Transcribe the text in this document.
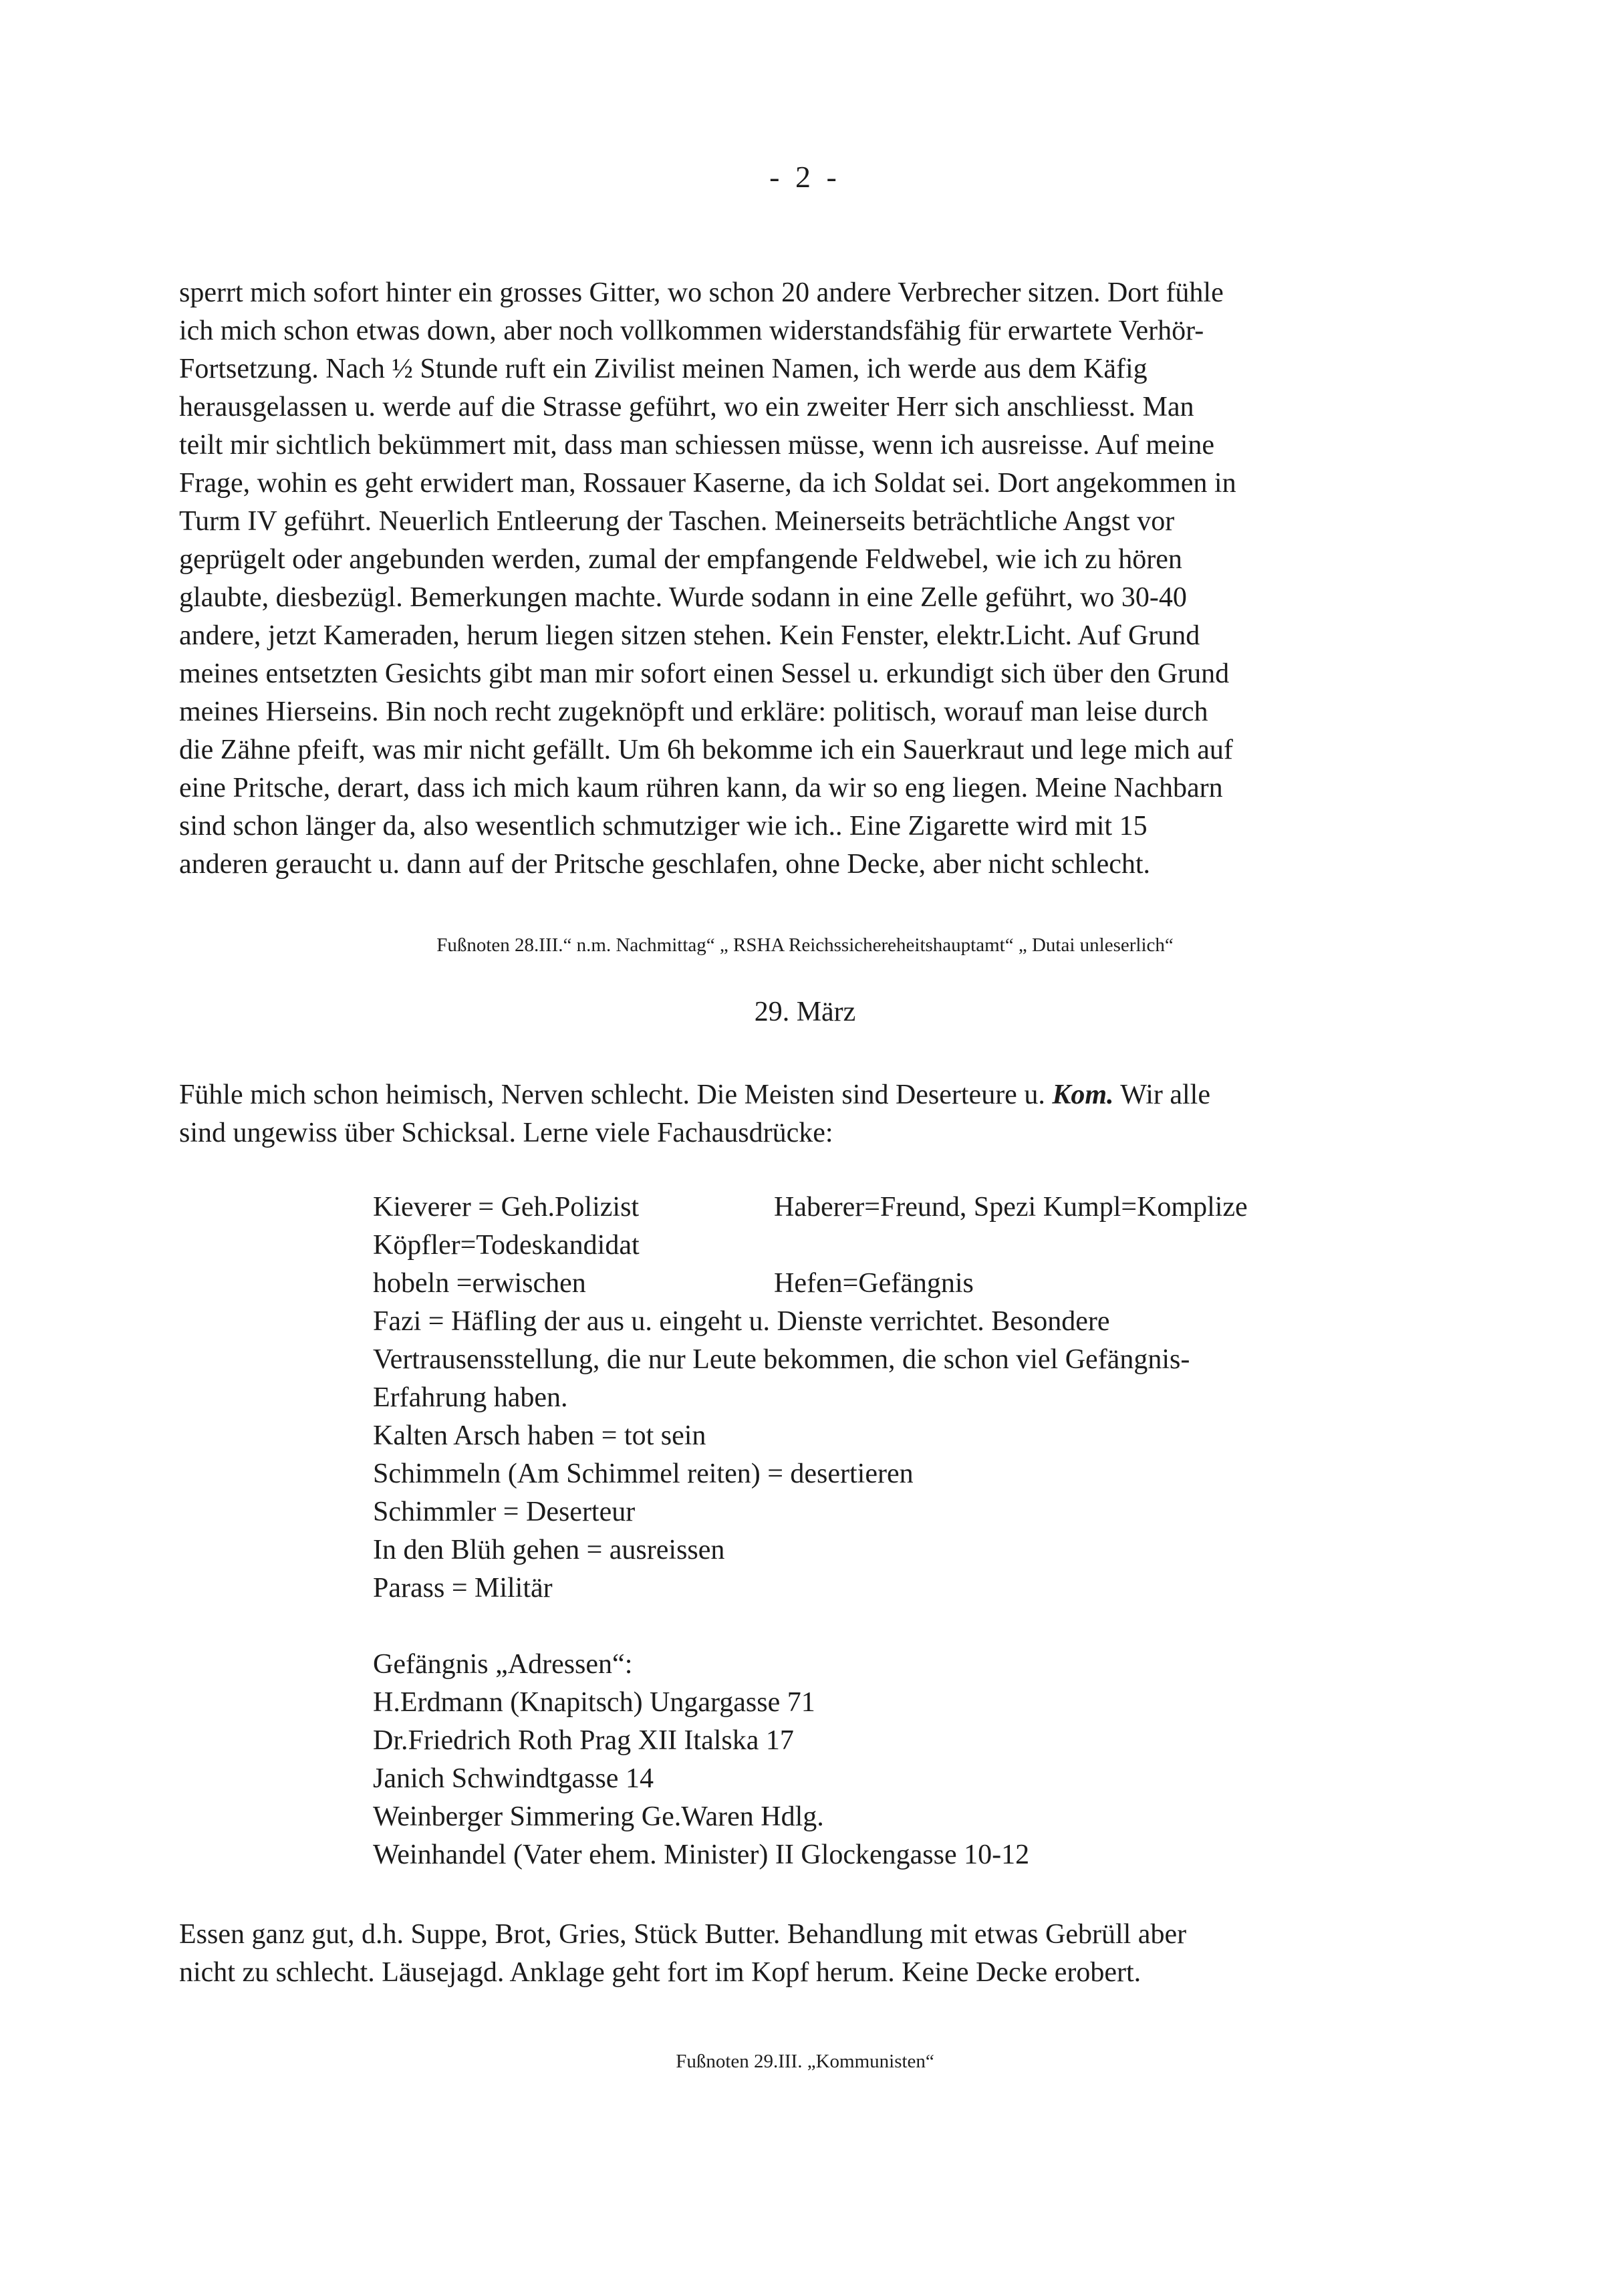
- 2 -

sperrt mich sofort hinter ein grosses Gitter, wo schon 20 andere Verbrecher sitzen. Dort fühle
ich mich schon etwas down, aber noch vollkommen widerstandsfähig für erwartete Verhör-
Fortsetzung. Nach ½ Stunde ruft ein Zivilist meinen Namen, ich werde aus dem Käfig
herausgelassen u. werde auf die Strasse geführt, wo ein zweiter Herr sich anschliesst. Man
teilt mir sichtlich bekümmert mit, dass man schiessen müsse, wenn ich ausreisse. Auf meine
Frage, wohin es geht erwidert man, Rossauer Kaserne, da ich Soldat sei. Dort angekommen in
Turm IV geführt. Neuerlich Entleerung der Taschen. Meinerseits beträchtliche Angst vor
geprügelt oder angebunden werden, zumal der empfangende Feldwebel, wie ich zu hören
glaubte, diesbezügl. Bemerkungen machte. Wurde sodann in eine Zelle geführt, wo 30-40
andere, jetzt Kameraden, herum liegen sitzen stehen. Kein Fenster, elektr.Licht. Auf Grund
meines entsetzten Gesichts gibt man mir sofort einen Sessel u. erkundigt sich über den Grund
meines Hierseins. Bin noch recht zugeknöpft und erkläre: politisch, worauf man leise durch
die Zähne pfeift, was mir nicht gefällt. Um 6h bekomme ich ein Sauerkraut und lege mich auf
eine Pritsche, derart, dass ich mich kaum rühren kann, da wir so eng liegen. Meine Nachbarn
sind schon länger da, also wesentlich schmutziger wie ich.. Eine Zigarette wird mit 15
anderen geraucht u. dann auf der Pritsche geschlafen, ohne Decke, aber nicht schlecht.

Fußnoten 28.III.“ n.m. Nachmittag“ „ RSHA Reichssichereheitshauptamt“ „ Dutai unleserlich“
29. März

Fühle mich schon heimisch, Nerven schlecht. Die Meisten sind Deserteure u. Kom. Wir alle
sind ungewiss über Schicksal. Lerne viele Fachausdrücke:

Kieverer = Geh.Polizist	Haberer=Freund, Spezi Kumpl=Komplize
Köpfler=Todeskandidat
hobeln =erwischen	Hefen=Gefängnis
Fazi = Häfling der aus u. eingeht u. Dienste verrichtet. Besondere
Vertrausensstellung, die nur Leute bekommen, die schon viel Gefängnis-
Erfahrung haben.
Kalten Arsch haben = tot sein
Schimmeln (Am Schimmel reiten) = desertieren
Schimmler = Deserteur
In den Blüh gehen = ausreissen
Parass = Militär
Gefängnis „Adressen“:
H.Erdmann (Knapitsch) Ungargasse 71
Dr.Friedrich Roth Prag XII Italska 17
Janich Schwindtgasse 14
Weinberger Simmering Ge.Waren Hdlg.
Weinhandel (Vater ehem. Minister) II Glockengasse 10-12

Essen ganz gut, d.h. Suppe, Brot, Gries, Stück Butter. Behandlung mit etwas Gebrüll aber
nicht zu schlecht. Läusejagd. Anklage geht fort im Kopf herum. Keine Decke erobert.

Fußnoten 29.III. „Kommunisten“
